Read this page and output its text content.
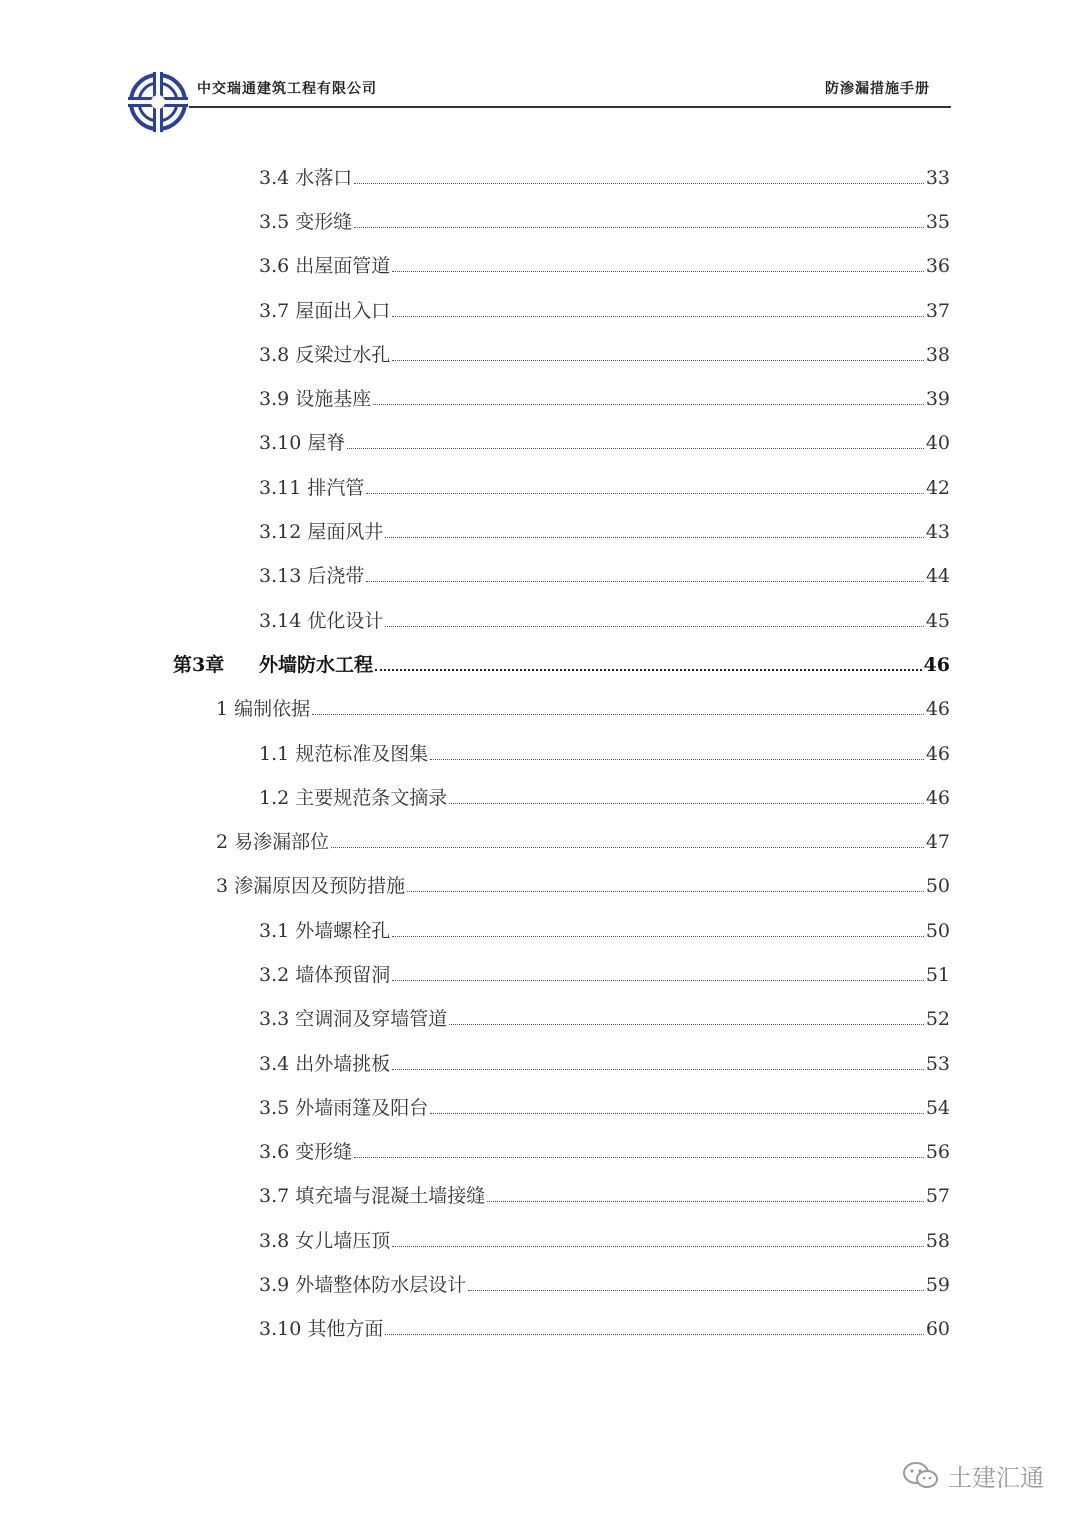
中交瑞通建筑工程有限公司	防渗漏措施手册
3.4 水落口	33
3.5 变形缝	35
3.6 出屋面管道	36
3.7 屋面出入口	37
3.8 反梁过水孔	38
3.9 设施基座	39
3.10 屋脊	40
3.11 排汽管	42
3.12 屋面风井	43
3.13 后浇带	44
3.14 优化设计	45
第3章 外墙防水工程	46
1 编制依据	46
1.1 规范标准及图集	46
1.2 主要规范条文摘录	46
2 易渗漏部位	47
3 渗漏原因及预防措施	50
3.1 外墙螺栓孔	50
3.2 墙体预留洞	51
3.3 空调洞及穿墙管道	52
3.4 出外墙挑板	53
3.5 外墙雨篷及阳台	54
3.6 变形缝	56
3.7 填充墙与混凝土墙接缝	57
3.8 女儿墙压顶	58
3.9 外墙整体防水层设计	59
3.10 其他方面	60
土建汇通
